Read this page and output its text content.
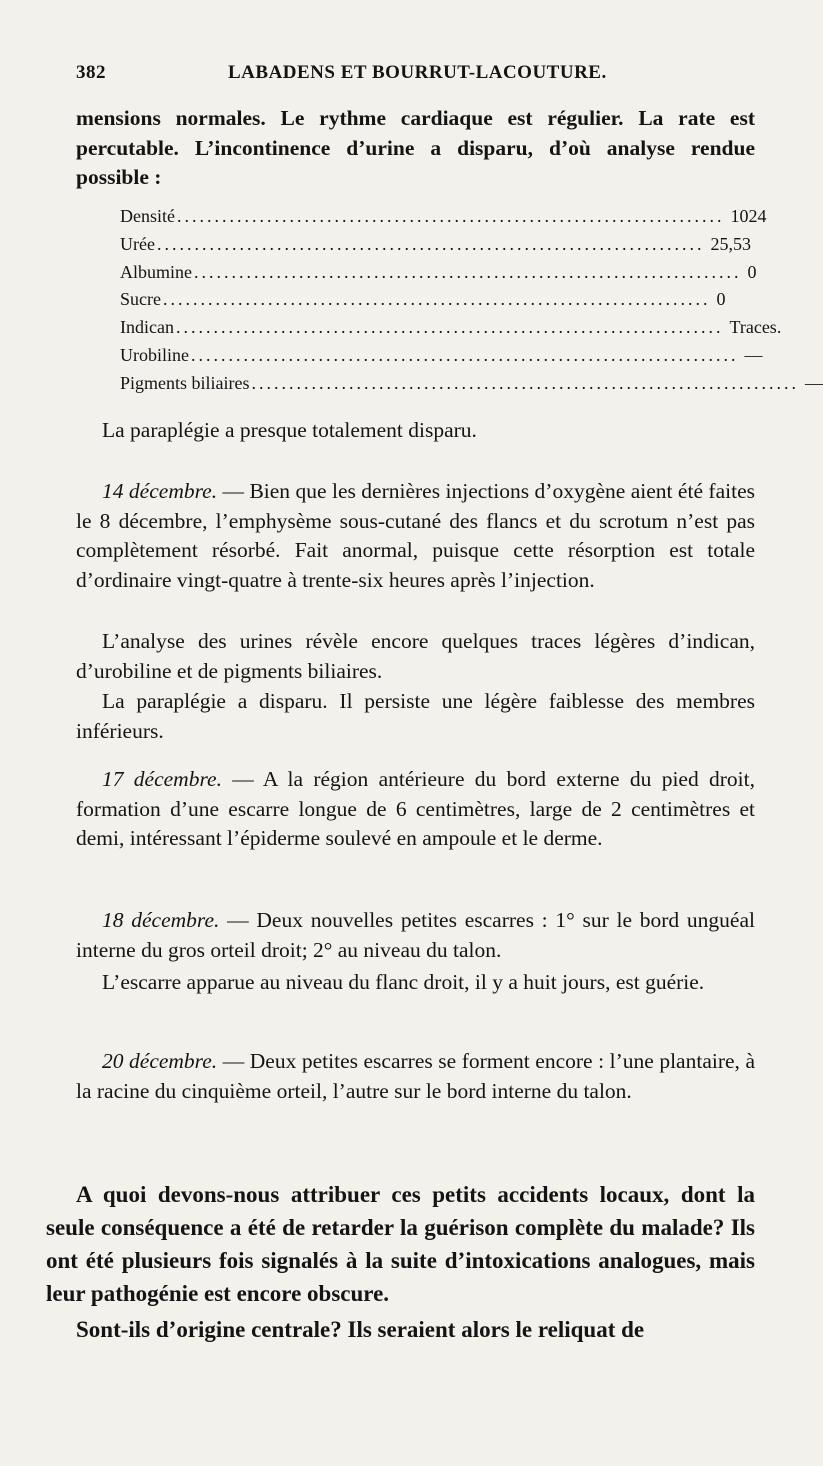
382	LABADENS ET BOURRUT-LACOUTURE.

mensions normales. Le rythme cardiaque est régulier. La rate est percutable. L’incontinence d’urine a disparu, d’où analyse rendue possible :

Densité ......................................................................... 1024
Urée ......................................................................... 25,53
Albumine ......................................................................... 0
Sucre ......................................................................... 0
Indican ......................................................................... Traces.
Urobiline ......................................................................... —
Pigments biliaires ......................................................................... —

La paraplégie a presque totalement disparu.

14 décembre. — Bien que les dernières injections d’oxygène aient été faites le 8 décembre, l’emphysème sous-cutané des flancs et du scrotum n’est pas complètement résorbé. Fait anormal, puisque cette résorption est totale d’ordinaire vingt-quatre à trente-six heures après l’injection.

L’analyse des urines révèle encore quelques traces légères d’indican, d’urobiline et de pigments biliaires.

La paraplégie a disparu. Il persiste une légère faiblesse des membres inférieurs.

17 décembre. — A la région antérieure du bord externe du pied droit, formation d’une escarre longue de 6 centimètres, large de 2 centimètres et demi, intéressant l’épiderme soulevé en ampoule et le derme.

18 décembre. — Deux nouvelles petites escarres : 1° sur le bord unguéal interne du gros orteil droit; 2° au niveau du talon.

L’escarre apparue au niveau du flanc droit, il y a huit jours, est guérie.

20 décembre. — Deux petites escarres se forment encore : l’une plantaire, à la racine du cinquième orteil, l’autre sur le bord interne du talon.

A quoi devons-nous attribuer ces petits accidents locaux, dont la seule conséquence a été de retarder la guérison complète du malade? Ils ont été plusieurs fois signalés à la suite d’intoxications analogues, mais leur pathogénie est encore obscure.

Sont-ils d’origine centrale? Ils seraient alors le reliquat de
